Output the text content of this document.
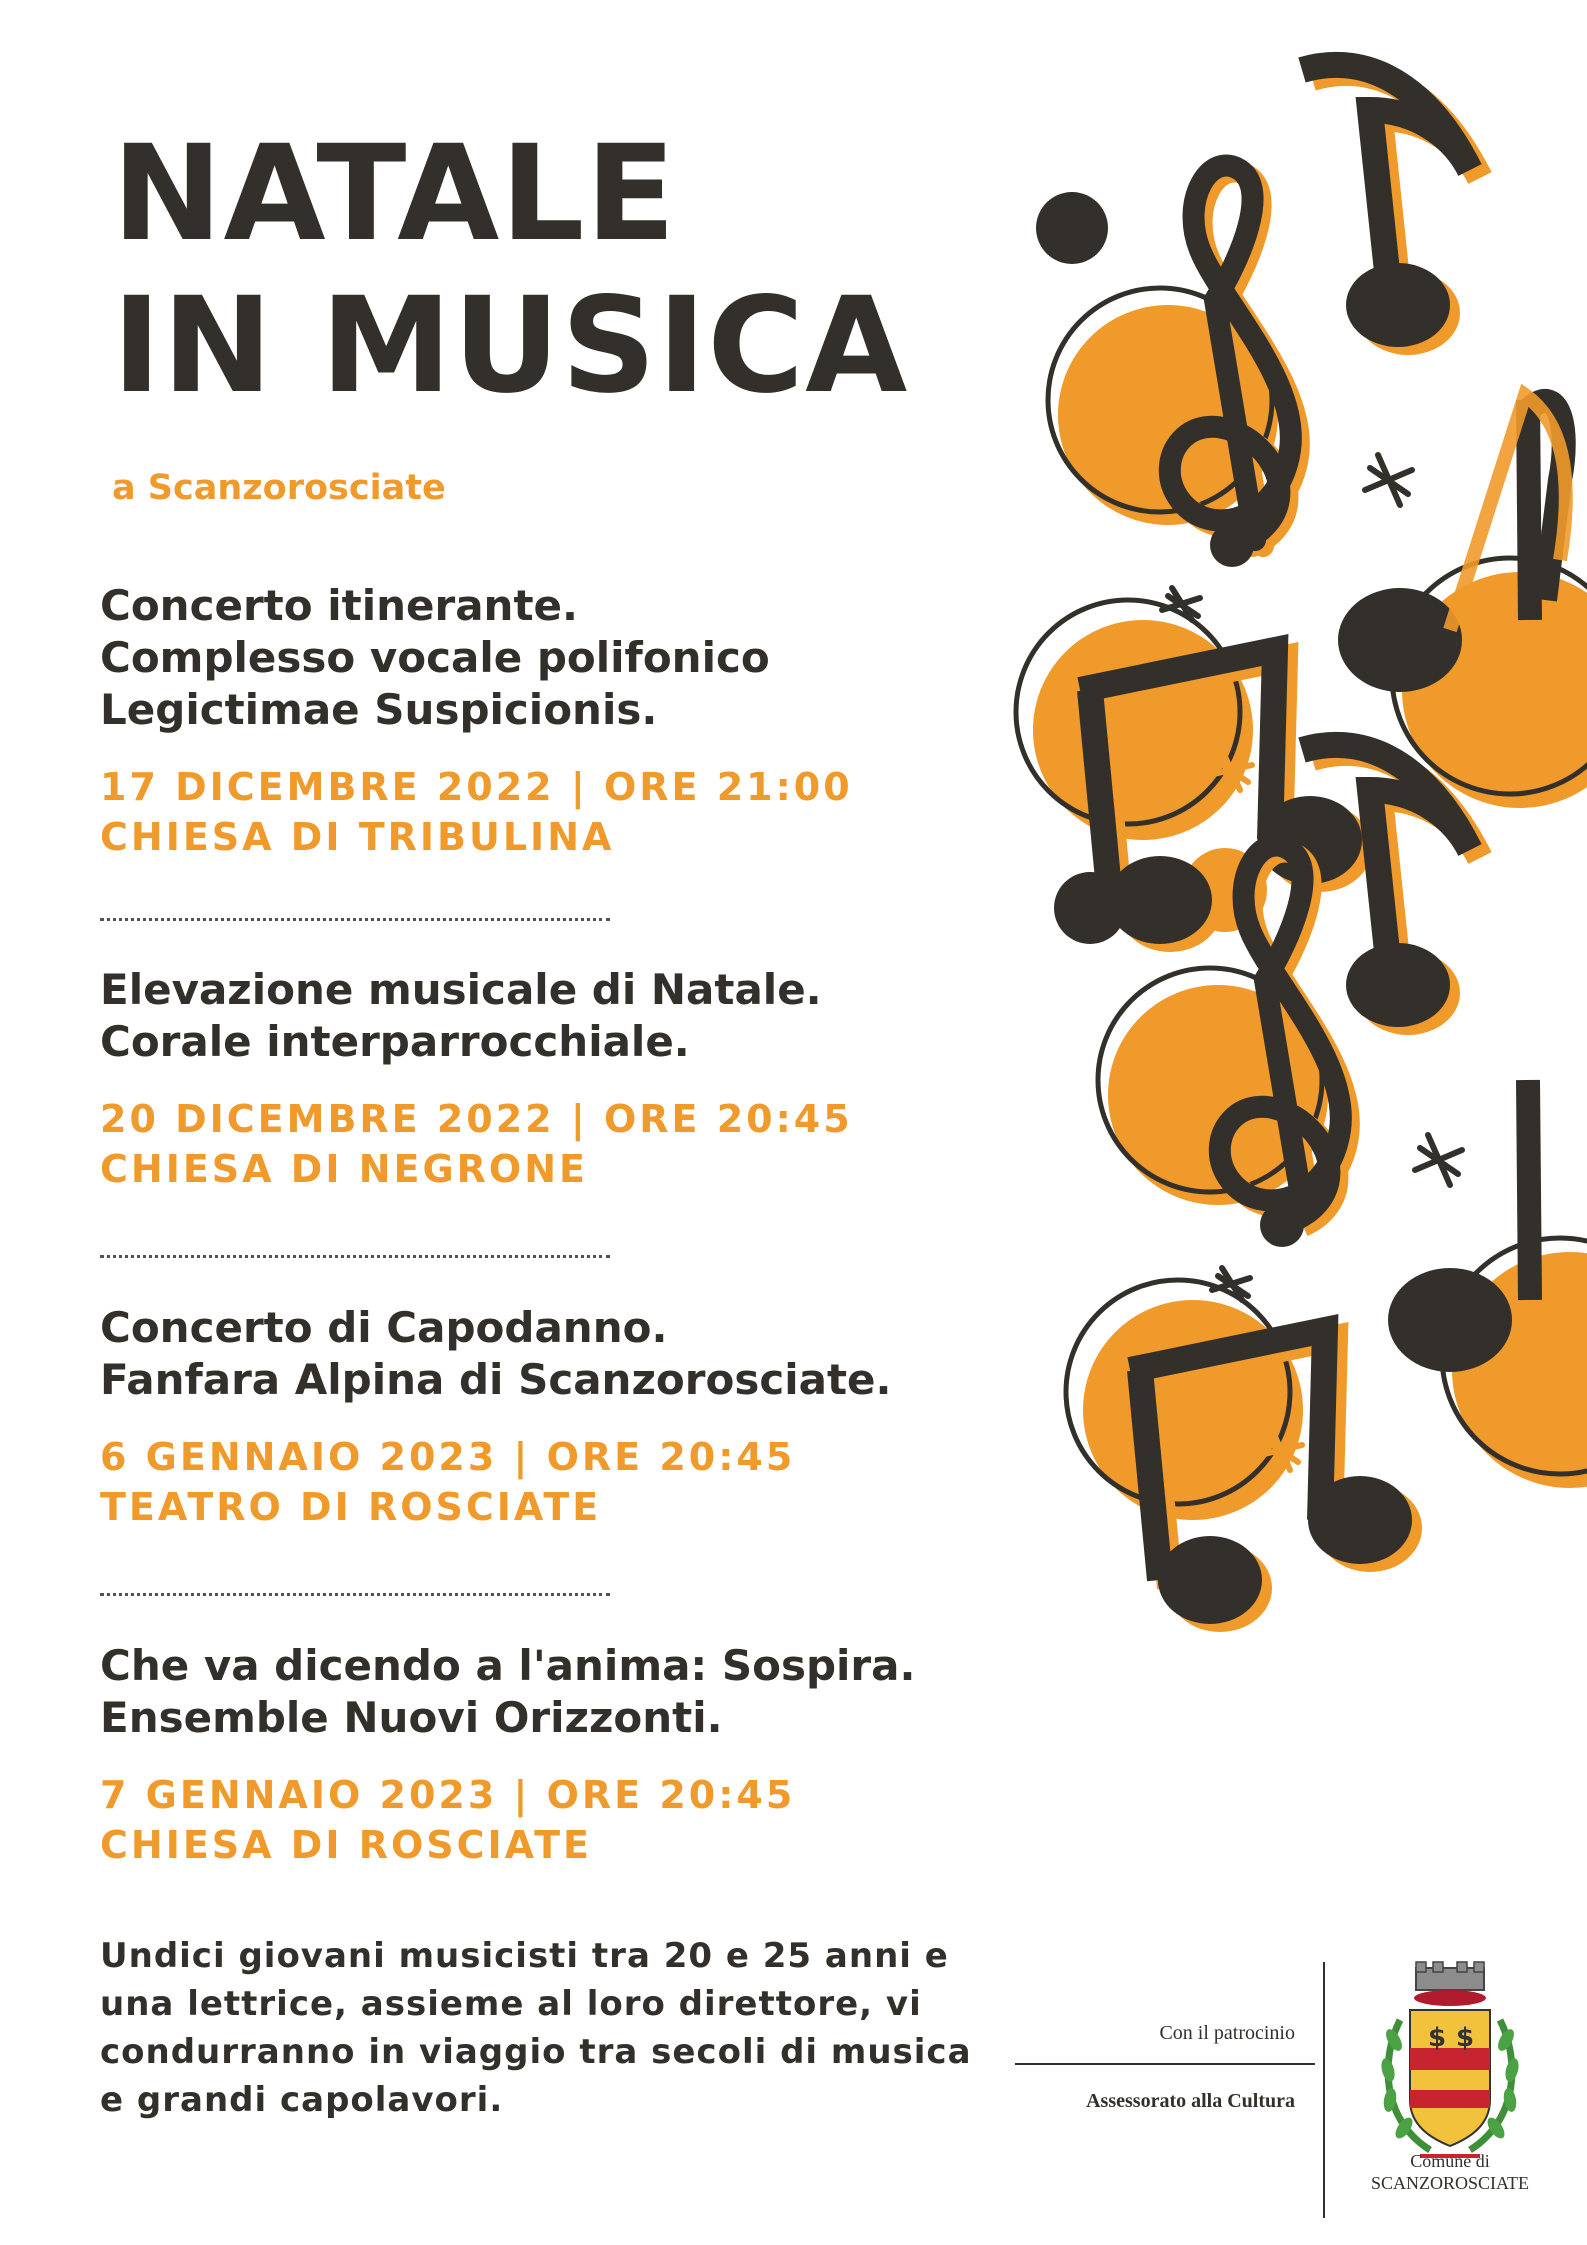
NATALE
IN MUSICA
a Scanzorosciate
Concerto itinerante.
Complesso vocale polifonico
Legictimae Suspicionis.
17 DICEMBRE 2022 | ORE 21:00
CHIESA DI TRIBULINA
Elevazione musicale di Natale.
Corale interparrocchiale.
20 DICEMBRE 2022 | ORE 20:45
CHIESA DI NEGRONE
Concerto di Capodanno.
Fanfara Alpina di Scanzorosciate.
6 GENNAIO 2023 | ORE 20:45
TEATRO DI ROSCIATE
Che va dicendo a l'anima: Sospira.
Ensemble Nuovi Orizzonti.
7 GENNAIO 2023 | ORE 20:45
CHIESA DI ROSCIATE
Undici giovani musicisti tra 20 e 25 anni e
una lettrice, assieme al loro direttore, vi
condurranno in viaggio tra secoli di musica
e grandi capolavori.
Con il patrocinio
Assessorato alla Cultura
$ $
Comune di
SCANZOROSCIATE
